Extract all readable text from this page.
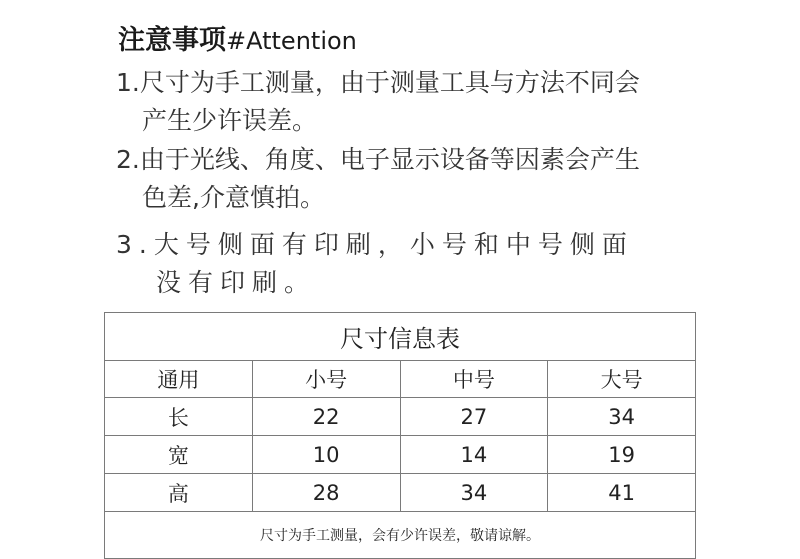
注意事项#Attention
1.尺寸为手工测量，由于测量工具与方法不同会
产生少许误差。
2.由于光线、角度、电子显示设备等因素会产生
色差,介意慎拍。
3.大号侧面有印刷，小号和中号侧面
没有印刷。
尺寸信息表			
通用	小号	中号	大号
长	22	27	34
宽	10	14	19
高	28	34	41
尺寸为手工测量，会有少许误差，敬请谅解。			
